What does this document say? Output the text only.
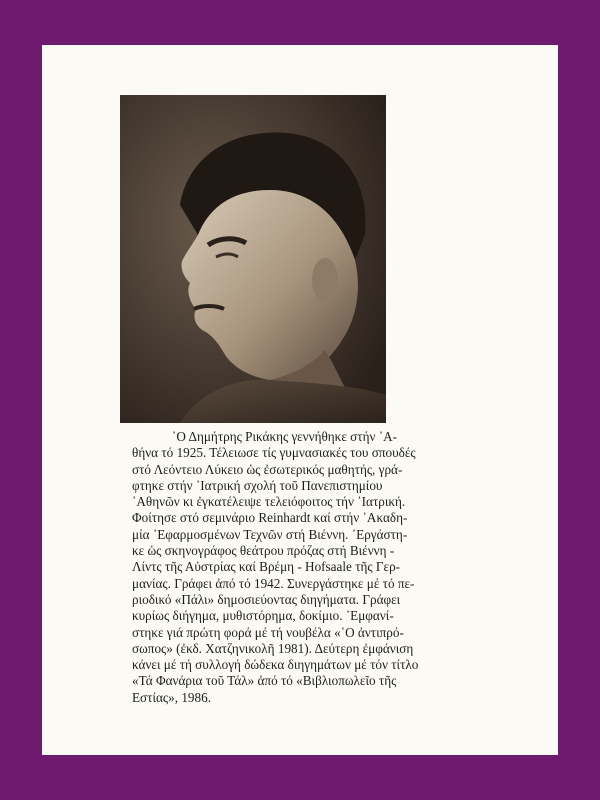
῾Ο Δημήτρης Ρικάκης γεννήθηκε στήν ᾿Α-
θήνα τό 1925. Τέλειωσε τίς γυμνασιακές του σπουδές
στό Λεόντειο Λύκειο ὡς ἐσωτερικός μαθητής, γρά-
φτηκε στήν ᾿Ιατρική σχολή τοῦ Πανεπιστημίου
᾿Αθηνῶν κι ἐγκατέλειψε τελειόφοιτος τήν ᾿Ιατρική.
Φοίτησε στό σεμινάριο Reinhardt καί στήν ᾿Ακαδη-
μία ᾿Εφαρμοσμένων Τεχνῶν στή Βιέννη. ᾿Εργάστη-
κε ὡς σκηνογράφος θεάτρου πρόζας στή Βιέννη -
Λίντς τῆς Αὐστρίας καί Βρέμη - Hofsaale τῆς Γερ-
μανίας. Γράφει ἀπό τό 1942. Συνεργάστηκε μέ τό πε-
ριοδικό «Πάλι» δημοσιεύοντας διηγήματα. Γράφει
κυρίως διήγημα, μυθιστόρημα, δοκίμιο. ᾿Εμφανί-
στηκε γιά πρώτη φορά μέ τή νουβέλα «῾Ο ἀντιπρό-
σωπος» (ἐκδ. Χατζηνικολῆ 1981). Δεύτερη ἐμφάνιση
κάνει μέ τή συλλογή δώδεκα διηγημάτων μέ τόν τίτλο
«Τά Φανάρια τοῦ Τάλ» ἀπό τό «Βιβλιοπωλεῖο τῆς
Εστίας», 1986.
